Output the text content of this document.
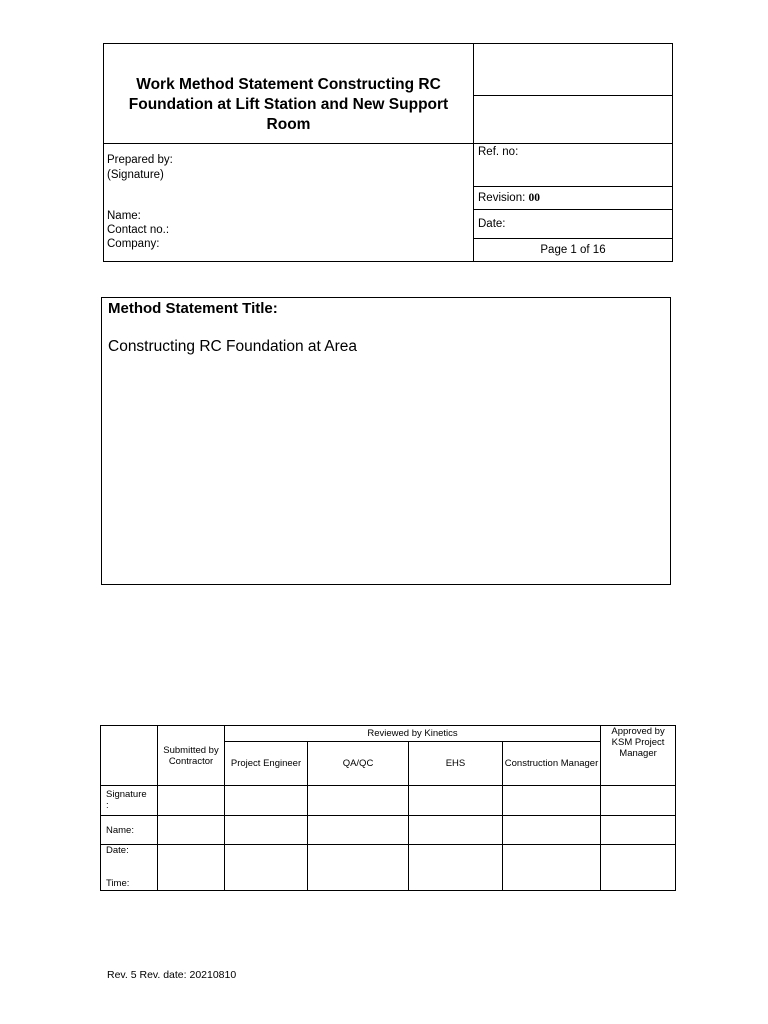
Work Method Statement Constructing RC Foundation at Lift Station and New Support Room
Prepared by:
(Signature)
Name:
Contact no.:
Company:
Ref. no:
Revision: 00
Date:
Page 1 of 16
Method Statement Title:
Constructing RC Foundation at Area
	Submitted by Contractor	Reviewed by Kinetics				Approved by KSM Project Manager
		Project Engineer	QA/QC	EHS	Construction Manager	
Signature :						
Name:						

Date:
Time:						

Rev. 5 Rev. date: 20210810
